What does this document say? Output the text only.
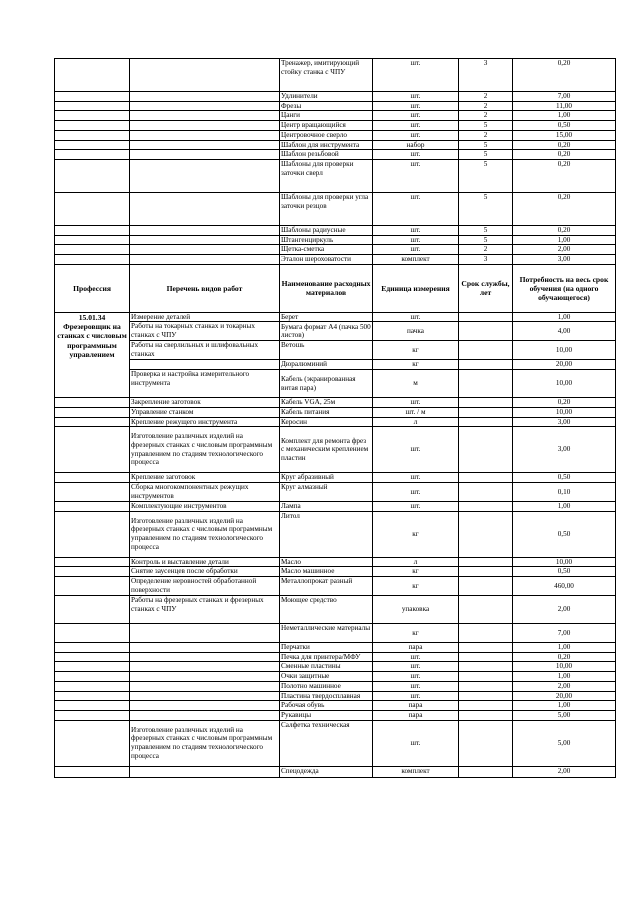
		Тренажер, имитирующий стойку станка с ЧПУ	шт.	3	0,20
		Удлинители	шт.	2	7,00
		Фрезы	шт.	2	11,00
		Цанги	шт.	2	1,00
		Центр вращающийся	шт.	5	0,50
		Центровочное сверло	шт.	2	15,00
		Шаблон для инструмента	набор	5	0,20
		Шаблон резьбовой	шт.	5	0,20
		Шаблоны для проверки заточки сверл	шт.	5	0,20
		Шаблоны для проверки угла заточки резцов	шт.	5	0,20
		Шаблоны радиусные	шт.	5	0,20
		Штангенциркуль	шт.	5	1,00
		Щетка-сметка	шт.	2	2,00
		Эталон шероховатости	комплект	3	3,00
Профессия	Перечень видов работ	Наименование расходных материалов	Единица измерения	Срок службы, лет	Потребность на весь срок обучения (на одного обучающегося)
15.01.34 Фрезеровщик на станках с числовым программным управлением	Измерение деталей	Берет	шт.		1,00
	Работы на токарных станках и токарных станках с ЧПУ	Бумага формат А4 (пачка 500 листов)	пачка		4,00
	Работы на сверлильных и шлифовальных станках	Ветошь	кг		10,00
		Дюралюминий	кг		20,00
	Проверка и настройка измерительного инструмента	Кабель (экранированная витая пара)	м		10,00
	Закрепление заготовок	Кабель VGA, 25м	шт.		0,20
	Управление станком	Кабель питания	шт. / м		10,00
	Крепление режущего инструмента	Керосин	л		3,00
	Изготовление различных изделий на фрезерных станках с числовым программным управлением по стадиям технологического процесса	Комплект для ремонта фрез с механическим креплением пластин	шт.		3,00
	Крепление заготовок	Круг абразивный	шт.		0,50
	Сборка многокомпонентных режущих инструментов	Круг алмазный	шт.		0,10
	Комплектующие инструментов	Лампа	шт.		1,00
	Изготовление различных изделий на фрезерных станках с числовым программным управлением по стадиям технологического процесса	Литол	кг		0,50
	Контроль и выставление детали	Масло	л		10,00
	Снятие заусенцев после обработки	Масло машинное	кг		0,50
	Определение неровностей обработанной поверхности	Металлопрокат разный	кг		460,00
	Работы на фрезерных станках и фрезерных станках с ЧПУ	Моющее средство	упаковка		2,00
		Неметаллические материалы	кг		7,00
		Перчатки	пара		1,00
		Печка для принтера/МФУ	шт.		0,20
		Сменные пластины	шт.		10,00
		Очки защитные	шт.		1,00
		Полотно машинное	шт.		2,00
		Пластина твердосплавная	шт.		20,00
		Рабочая обувь	пара		1,00
		Рукавицы	пара		5,00
	Изготовление различных изделий на фрезерных станках с числовым программным управлением по стадиям технологического процесса	Салфетка техническая	шт.		5,00
		Спецодежда	комплект		2,00
